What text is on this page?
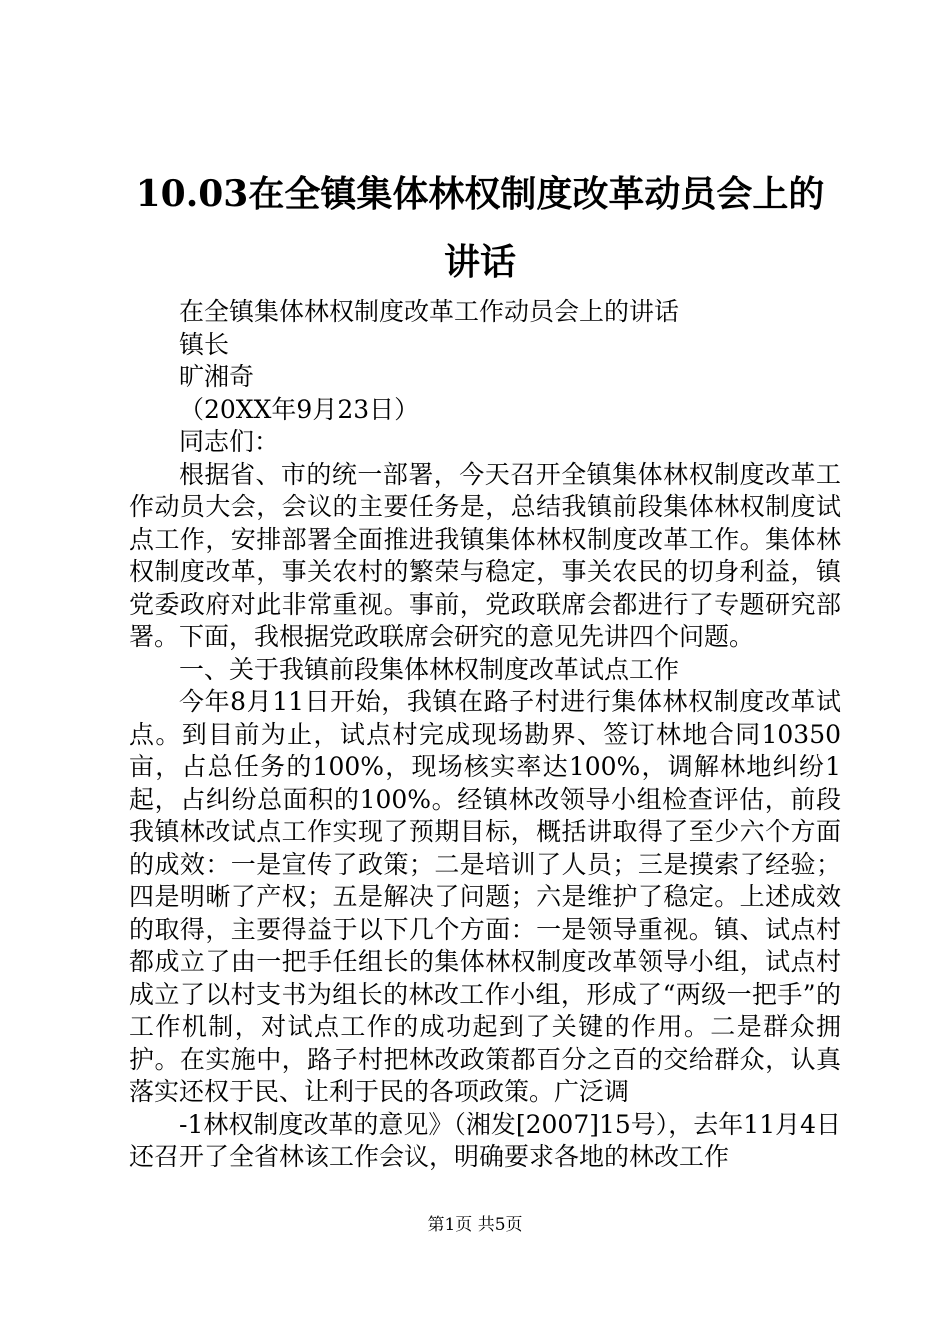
10.03在全镇集体林权制度改革动员会上的讲话

在全镇集体林权制度改革工作动员会上的讲话

镇长

旷湘奇

（20XX年9月23日）

同志们：

根据省、市的统一部署，今天召开全镇集体林权制度改革工作动员大会，会议的主要任务是，总结我镇前段集体林权制度试点工作，安排部署全面推进我镇集体林权制度改革工作。集体林权制度改革，事关农村的繁荣与稳定，事关农民的切身利益，镇党委政府对此非常重视。事前，党政联席会都进行了专题研究部署。下面，我根据党政联席会研究的意见先讲四个问题。

一、关于我镇前段集体林权制度改革试点工作

今年8月11日开始，我镇在路子村进行集体林权制度改革试点。到目前为止，试点村完成现场勘界、签订林地合同10350亩，占总任务的100%，现场核实率达100%，调解林地纠纷1起，占纠纷总面积的100%。经镇林改领导小组检查评估，前段我镇林改试点工作实现了预期目标，概括讲取得了至少六个方面的成效：一是宣传了政策；二是培训了人员；三是摸索了经验；四是明晰了产权；五是解决了问题；六是维护了稳定。上述成效的取得，主要得益于以下几个方面：一是领导重视。镇、试点村都成立了由一把手任组长的集体林权制度改革领导小组，试点村成立了以村支书为组长的林改工作小组，形成了“两级一把手”的工作机制，对试点工作的成功起到了关键的作用。二是群众拥护。在实施中，路子村把林改政策都百分之百的交给群众，认真落实还权于民、让利于民的各项政策。广泛调

-1林权制度改革的意见》（湘发[2007]15号），去年11月4日还召开了全省林该工作会议，明确要求各地的林改工作

第1页 共5页
